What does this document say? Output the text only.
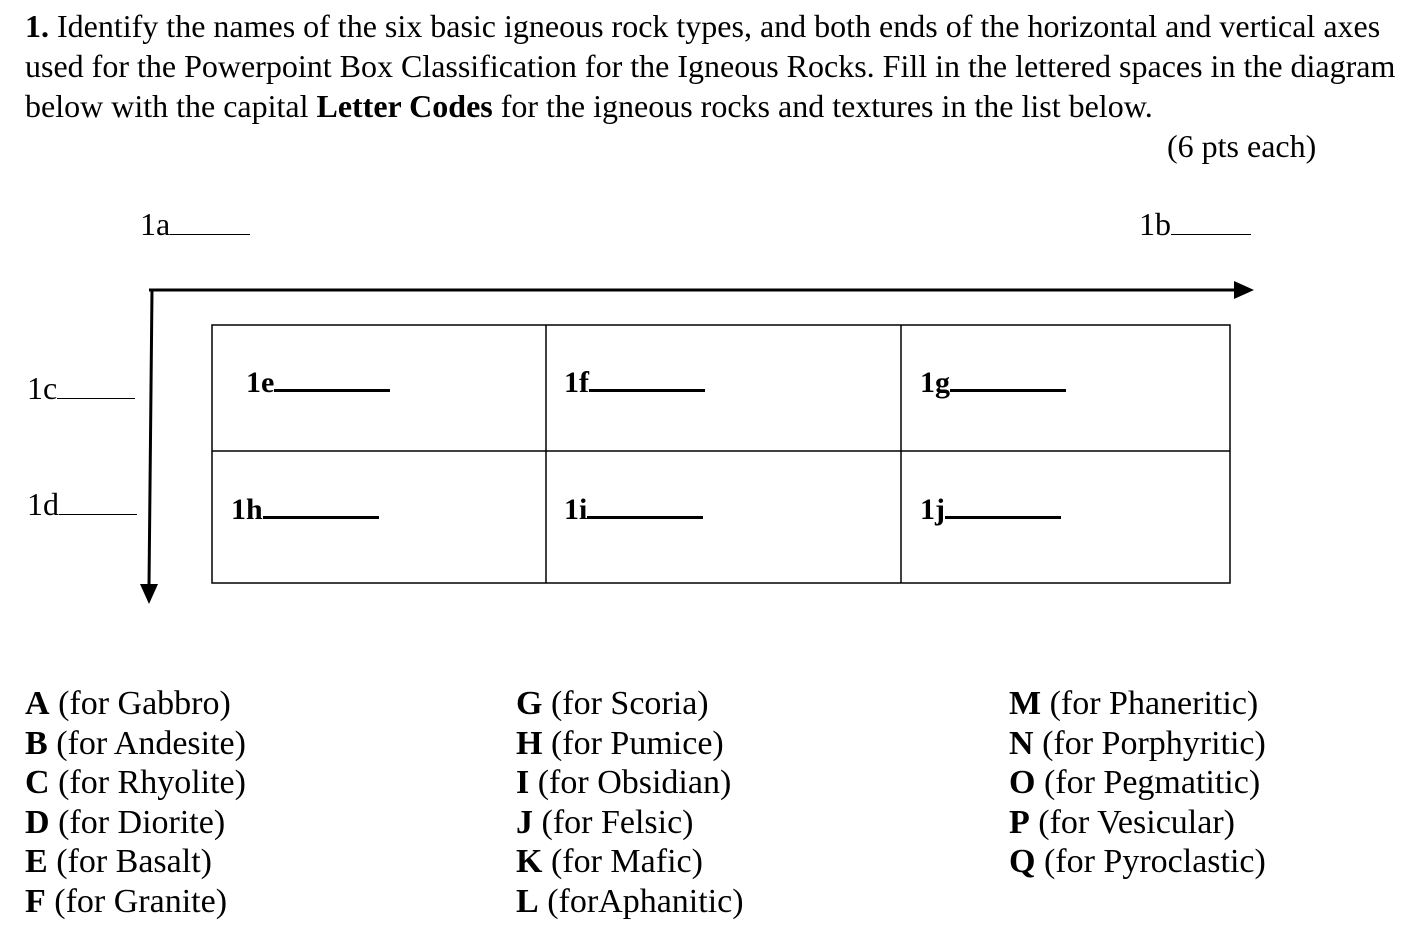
1. Identify the names of the six basic igneous rock types, and both ends of the horizontal and vertical axes used for the Powerpoint Box Classification for the Igneous Rocks. Fill in the lettered spaces in the diagram below with the capital Letter Codes for the igneous rocks and textures in the list below.
(6 pts each)
1a	1b
1c
1d
1e	1f	1g
1h	1i	1j
A (for Gabbro)
B (for Andesite)
C (for Rhyolite)
D (for Diorite)
E (for Basalt)
F (for Granite)
G (for Scoria)
H (for Pumice)
I (for Obsidian)
J (for Felsic)
K (for Mafic)
L (forAphanitic)
M (for Phaneritic)
N (for Porphyritic)
O (for Pegmatitic)
P (for Vesicular)
Q (for Pyroclastic)
